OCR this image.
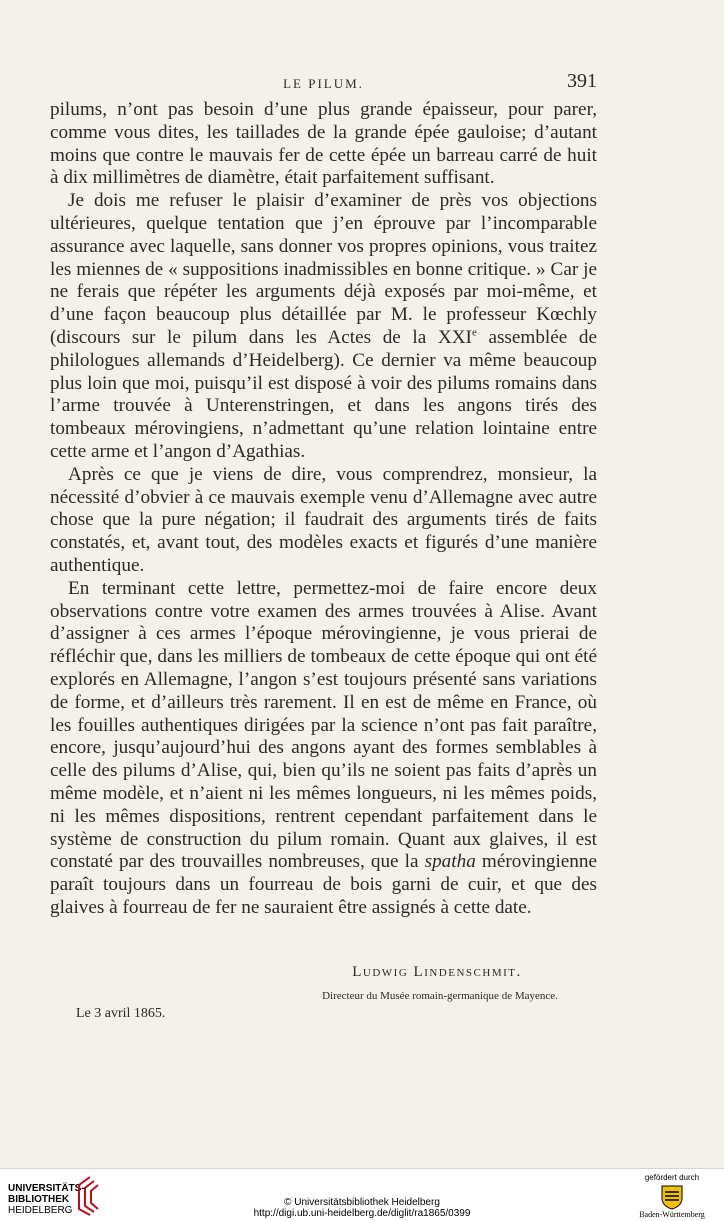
LE PILUM.	391

pilums, n’ont pas besoin d’une plus grande épaisseur, pour parer, comme vous dites, les taillades de la grande épée gauloise; d’autant moins que contre le mauvais fer de cette épée un barreau carré de huit à dix millimètres de diamètre, était parfaitement suffisant.

Je dois me refuser le plaisir d’examiner de près vos objections ultérieures, quelque tentation que j’en éprouve par l’incomparable assurance avec laquelle, sans donner vos propres opinions, vous traitez les miennes de « suppositions inadmissibles en bonne critique. » Car je ne ferais que répéter les arguments déjà exposés par moi-même, et d’une façon beaucoup plus détaillée par M. le professeur Kœchly (discours sur le pilum dans les Actes de la XXIe assemblée de philologues allemands d’Heidelberg). Ce dernier va même beaucoup plus loin que moi, puisqu’il est disposé à voir des pilums romains dans l’arme trouvée à Unterenstringen, et dans les angons tirés des tombeaux mérovingiens, n’admettant qu’une relation lointaine entre cette arme et l’angon d’Agathias.

Après ce que je viens de dire, vous comprendrez, monsieur, la nécessité d’obvier à ce mauvais exemple venu d’Allemagne avec autre chose que la pure négation; il faudrait des arguments tirés de faits constatés, et, avant tout, des modèles exacts et figurés d’une manière authentique.

En terminant cette lettre, permettez-moi de faire encore deux observations contre votre examen des armes trouvées à Alise. Avant d’assigner à ces armes l’époque mérovingienne, je vous prierai de réfléchir que, dans les milliers de tombeaux de cette époque qui ont été explorés en Allemagne, l’angon s’est toujours présenté sans variations de forme, et d’ailleurs très rarement. Il en est de même en France, où les fouilles authentiques dirigées par la science n’ont pas fait paraître, encore, jusqu’aujourd’hui des angons ayant des formes semblables à celle des pilums d’Alise, qui, bien qu’ils ne soient pas faits d’après un même modèle, et n’aient ni les mêmes longueurs, ni les mêmes poids, ni les mêmes dispositions, rentrent cependant parfaitement dans le système de construction du pilum romain. Quant aux glaives, il est constaté par des trouvailles nombreuses, que la spatha mérovingienne paraît toujours dans un fourreau de bois garni de cuir, et que des glaives à fourreau de fer ne sauraient être assignés à cette date.

Ludwig Lindenschmit.
Directeur du Musée romain-germanique de Mayence.
Le 3 avril 1865.
UNIVERSITÄTS-
BIBLIOTHEK
HEIDELBERG
© Universitätsbibliothek Heidelberg
http://digi.ub.uni-heidelberg.de/diglit/ra1865/0399
gefördert durch
Baden-Württemberg
